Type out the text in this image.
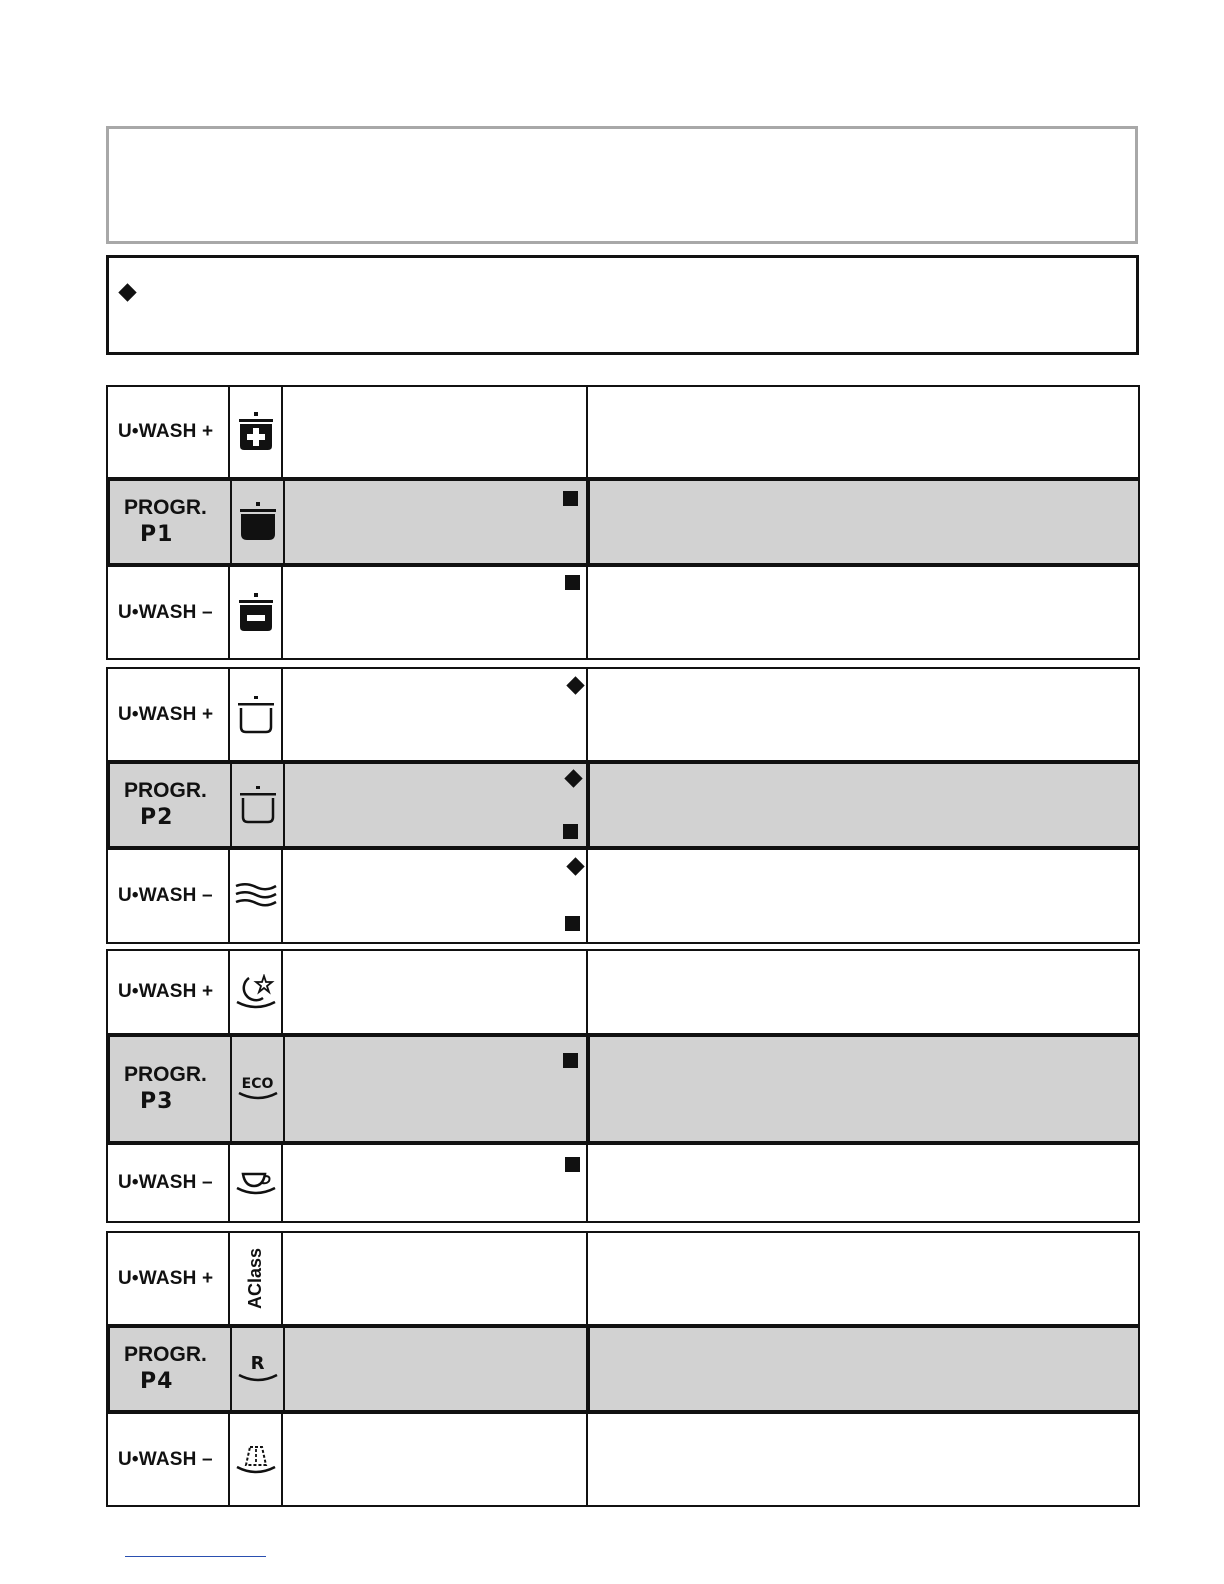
U•WASH +
PROGR.
P1
U•WASH –
U•WASH +
PROGR.
P2
U•WASH –
U•WASH +
PROGR.
P3
ECO
U•WASH –
U•WASH + AClass
PROGR.
P4
R
U•WASH –
